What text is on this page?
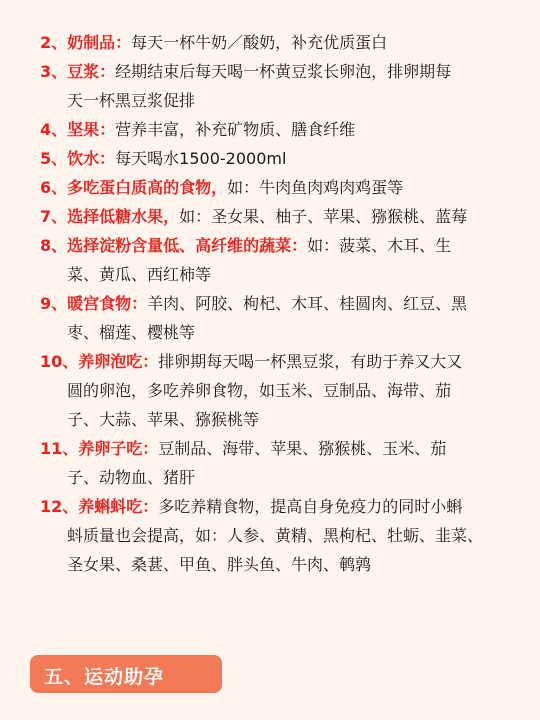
2、奶制品：每天一杯牛奶／酸奶，补充优质蛋白
3、豆浆：经期结束后每天喝一杯黄豆浆长卵泡，排卵期每
天一杯黑豆浆促排
4、坚果：营养丰富，补充矿物质、膳食纤维
5、饮水：每天喝水1500-2000ml
6、多吃蛋白质高的食物，如：牛肉鱼肉鸡肉鸡蛋等
7、选择低糖水果，如：圣女果、柚子、苹果、猕猴桃、蓝莓
8、选择淀粉含量低、高纤维的蔬菜：如：菠菜、木耳、生
菜、黄瓜、西红柿等
9、暖宫食物：羊肉、阿胶、枸杞、木耳、桂圆肉、红豆、黑
枣、榴莲、樱桃等
10、养卵泡吃：排卵期每天喝一杯黑豆浆，有助于养又大又
圆的卵泡，多吃养卵食物，如玉米、豆制品、海带、茄
子、大蒜、苹果、猕猴桃等
11、养卵子吃：豆制品、海带、苹果、猕猴桃、玉米、茄
子、动物血、猪肝
12、养蝌蚪吃：多吃养精食物，提高自身免疫力的同时小蝌
蚪质量也会提高，如：人参、黄精、黑枸杞、牡蛎、韭菜、
圣女果、桑葚、甲鱼、胖头鱼、牛肉、鹌鹑
五、运动助孕
